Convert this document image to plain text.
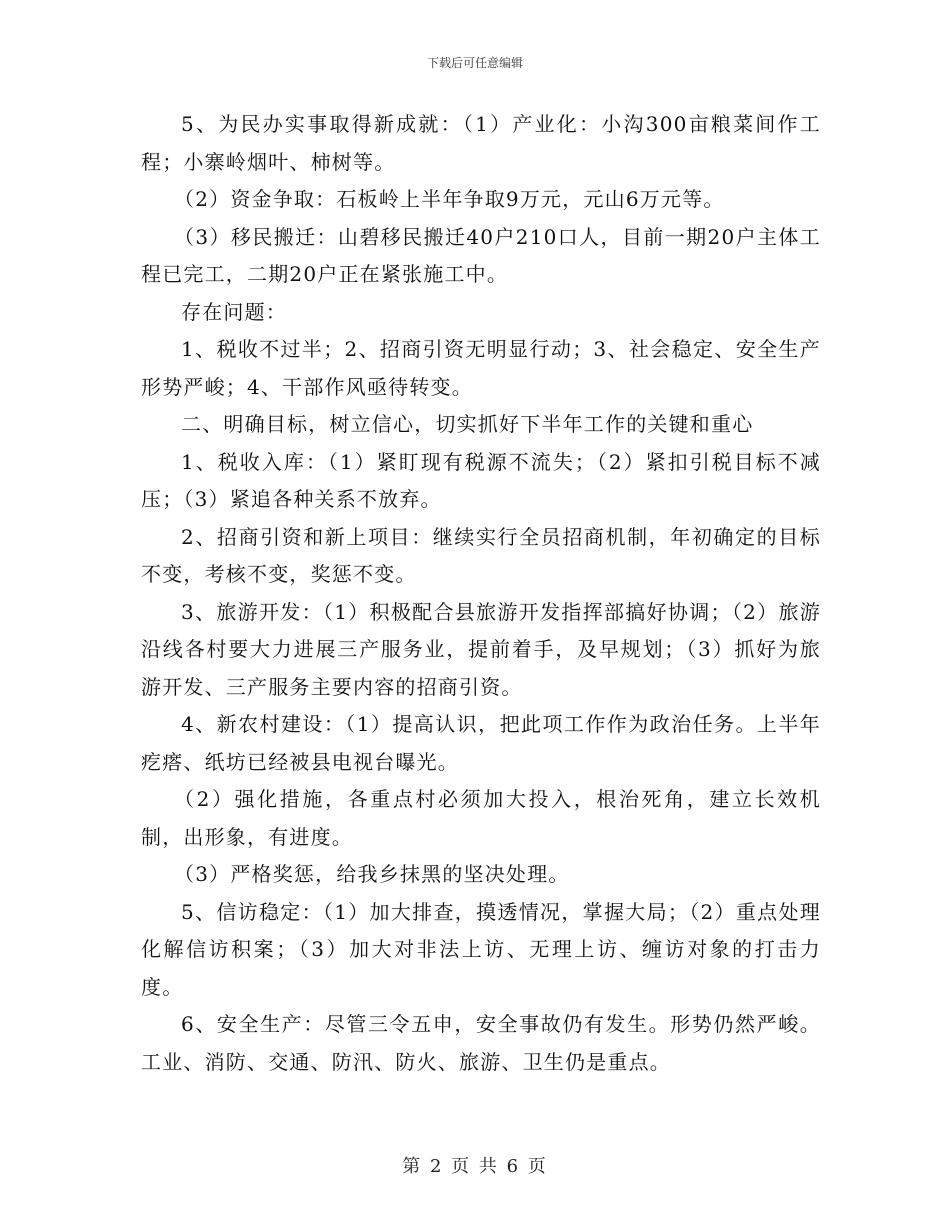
下载后可任意编辑

5、为民办实事取得新成就：（1）产业化：小沟300亩粮菜间作工程；小寨岭烟叶、柿树等。

（2）资金争取：石板岭上半年争取9万元，元山6万元等。

（3）移民搬迁：山碧移民搬迁40户210口人，目前一期20户主体工程已完工，二期20户正在紧张施工中。

存在问题：

1、税收不过半；2、招商引资无明显行动；3、社会稳定、安全生产形势严峻；4、干部作风亟待转变。

二、明确目标，树立信心，切实抓好下半年工作的关键和重心

1、税收入库：（1）紧盯现有税源不流失；（2）紧扣引税目标不减压；（3）紧追各种关系不放弃。

2、招商引资和新上项目：继续实行全员招商机制，年初确定的目标不变，考核不变，奖惩不变。

3、旅游开发：（1）积极配合县旅游开发指挥部搞好协调；（2）旅游沿线各村要大力进展三产服务业，提前着手，及早规划；（3）抓好为旅游开发、三产服务主要内容的招商引资。

4、新农村建设：（1）提高认识，把此项工作作为政治任务。上半年疙瘩、纸坊已经被县电视台曝光。

（2）强化措施，各重点村必须加大投入，根治死角，建立长效机制，出形象，有进度。

（3）严格奖惩，给我乡抹黑的坚决处理。

5、信访稳定：（1）加大排查，摸透情况，掌握大局；（2）重点处理化解信访积案；（3）加大对非法上访、无理上访、缠访对象的打击力度。

6、安全生产：尽管三令五申，安全事故仍有发生。形势仍然严峻。工业、消防、交通、防汛、防火、旅游、卫生仍是重点。

第 2 页 共 6 页
